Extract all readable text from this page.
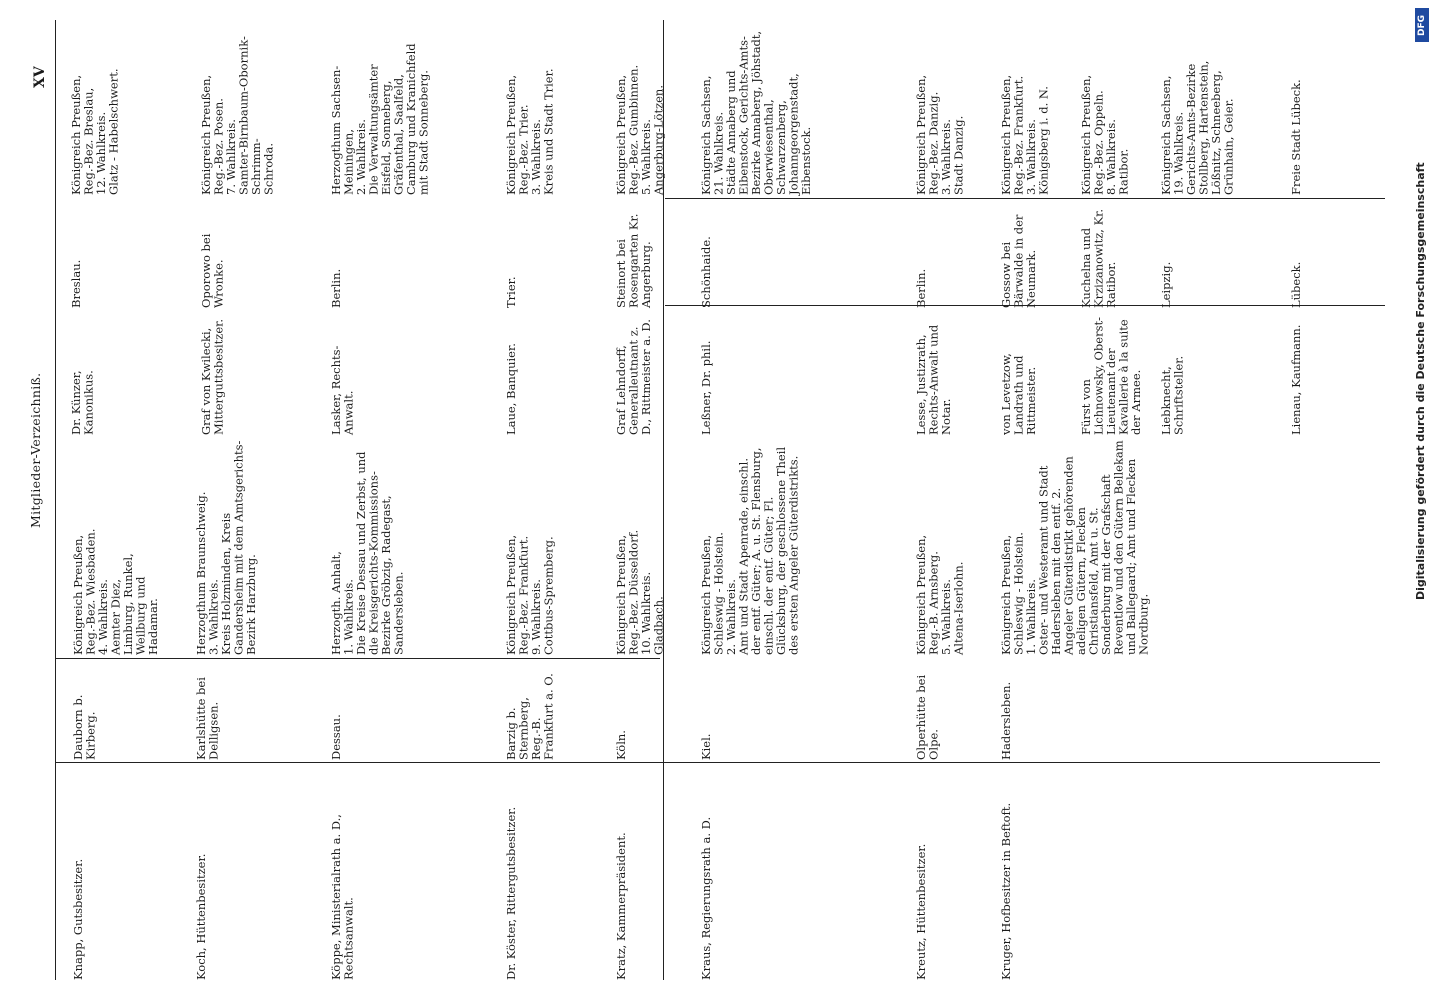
Mitglieder-Verzeichniß.
XV
Knapp, Gutsbesitzer.
Dauborn b. Kirberg.
Königreich Preußen,
Reg.-Bez. Wiesbaden.
4. Wahlkreis.
Aemter Diez,
Limburg, Runkel,
Weilburg und
Hadamar.
Koch, Hüttenbesitzer.
Karlshütte bei Delligsen.
Herzogthum Braunschweig.
3. Wahlkreis.
Kreis Holzminden, Kreis Gandersheim mit dem Amtsgerichts-Bezirk Harzburg.
Köppe, Ministerialrath a. D., Rechtsanwalt.
Dessau.
Herzogth. Anhalt,
1. Wahlkreis.
Die Kreise Dessau und Zerbst, und die Kreisgerichts-Kommissions-Bezirke Gröbzig, Radegast, Sandersleben.
Dr. Köster, Rittergutsbesitzer.
Barzig b. Sternberg, Reg.-B. Frankfurt a. O.
Königreich Preußen,
Reg.-Bez. Frankfurt.
9. Wahlkreis.
Cottbus-Spremberg.
Kratz, Kammerpräsident.
Köln.
Königreich Preußen,
Reg.-Bez. Düsseldorf.
10. Wahlkreis.
Gladbach.
Kraus, Regierungsrath a. D.
Kiel.
Königreich Preußen,
Schleswig - Holstein.
2. Wahlkreis.
Amt und Stadt Apenrade, einschl. der entf. Güter; A. u. St. Flensburg, einschl. der entf. Güter; Fl. Glücksburg, der geschlossene Theil des ersten Angeler Güterdistrikts.
Kreutz, Hüttenbesitzer.
Olperhütte bei Olpe.
Königreich Preußen,
Reg.-B. Arnsberg.
5. Wahlkreis.
Altena-Iserlohn.
Kruger, Hofbesitzer in Beftoft.
Hadersleben.
Königreich Preußen,
Schleswig - Holstein.
1. Wahlkreis.
Oster- und Westeramt und Stadt Hadersleben mit den entf. 2. Angeler Güterdistrikt gehörenden adeligen Gütern, Flecken Christiansfeld, Amt u. St. Sonderburg mit der Grafschaft Reventlow und den Gütern Bellekam und Ballegaard; Amt und Flecken Nordburg.
Dr. Künzer, Kanonikus.
Breslau.
Königreich Preußen,
Reg.-Bez. Breslau,
12. Wahlkreis.
Glatz - Habelschwert.
Graf von Kwilecki, Mitterguttsbesitzer.
Oporowo bei Wronke.
Königreich Preußen,
Reg.-Bez. Posen.
7. Wahlkreis.
Samter-Birnbaum-Obornik-
Schrimm-
Schroda.
Lasker, Rechts-Anwalt.
Berlin.
Herzogthum Sachsen-Meiningen,
2. Wahlkreis.
Die Verwaltungsämter Eisfeld, Sonneberg, Gräfenthal, Saalfeld, Camburg und Kranichfeld mit Stadt Sonneberg.
Laue, Banquier.
Trier.
Königreich Preußen,
Reg.-Bez. Trier.
3. Wahlkreis.
Kreis und Stadt Trier.
Graf Lehndorff, Generalleutnant z. D., Rittmeister a. D.
Steinort bei Rosengarten Kr. Angerburg.
Königreich Preußen,
Reg.-Bez. Gumbinnen.
5. Wahlkreis.
Angerburg-Lötzen.
Leßner, Dr. phil.
Schönhaide.
Königreich Sachsen,
21. Wahlkreis.
Städte Annaberg und Eibenstock, Gerichts-Amts-Bezirke Annaberg, Jöhstadt, Oberwiesenthal, Schwarzenberg, Johanngeorgenstadt, Eibenstock.
Lesse, Justizrath, Rechts-Anwalt und Notar.
Berlin.
Königreich Preußen,
Reg.-Bez. Danzig.
3. Wahlkreis.
Stadt Danzig.
von Levetzow, Landrath und Rittmeister.
Gossow bei Bärwalde in der Neumark.
Königreich Preußen,
Reg.-Bez. Frankfurt.
3. Wahlkreis.
Königsberg i. d. N.
Fürst von Lichnowsky, Oberst-Lieutenant der Kavallerie à la suite der Armee.
Kuchelna und Krzizanowitz, Kr. Ratibor.
Königreich Preußen,
Reg.-Bez. Oppeln.
8. Wahlkreis.
Ratibor.
Liebknecht, Schriftsteller.
Leipzig.
Königreich Sachsen,
19. Wahlkreis.
Gerichts-Amts-Bezirke Stollberg, Hartenstein, Lößnitz, Schneeberg, Grünhain, Geier.
Lienau, Kaufmann.
Lübeck.
Freie Stadt Lübeck.
DFG
Digitalisierung gefördert durch die Deutsche Forschungsgemeinschaft
